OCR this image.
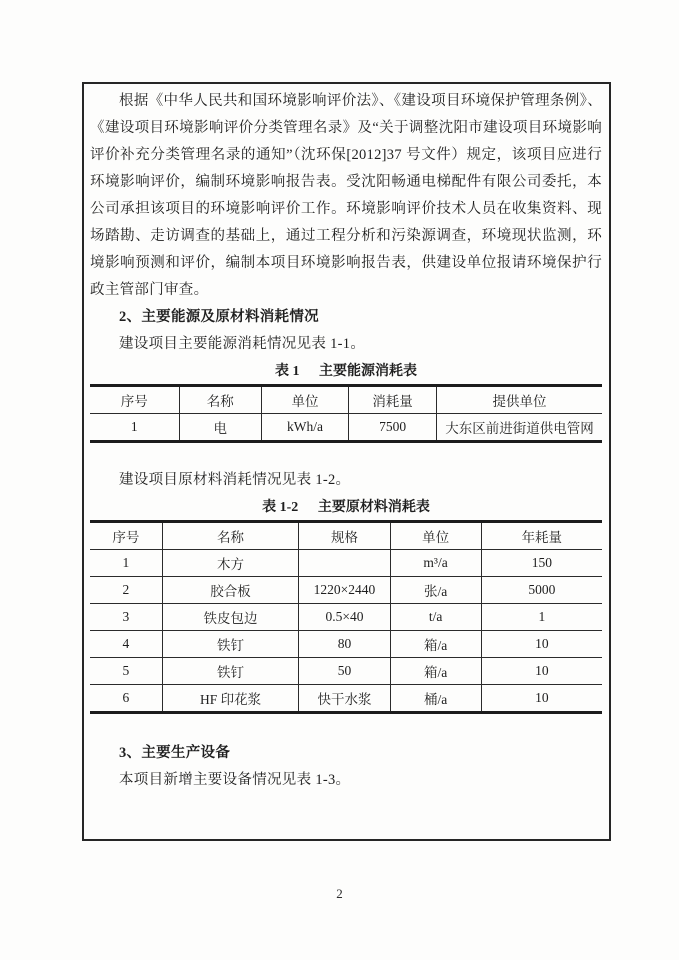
根据《中华人民共和国环境影响评价法》、《建设项目环境保护管理条例》、《建设项目环境影响评价分类管理名录》及“关于调整沈阳市建设项目环境影响评价补充分类管理名录的通知”（沈环保[2012]37 号文件）规定，该项目应进行环境影响评价，编制环境影响报告表。受沈阳畅通电梯配件有限公司委托，本公司承担该项目的环境影响评价工作。环境影响评价技术人员在收集资料、现场踏勘、走访调查的基础上，通过工程分析和污染源调查，环境现状监测，环境影响预测和评价，编制本项目环境影响报告表，供建设单位报请环境保护行政主管部门审查。

2、主要能源及原材料消耗情况

建设项目主要能源消耗情况见表 1-1。

表 1 主要能源消耗表
序号	名称	单位	消耗量	提供单位
1	电	kWh/a	7500	大东区前进街道供电管网

建设项目原材料消耗情况见表 1-2。

表 1-2 主要原材料消耗表
序号	名称	规格	单位	年耗量
1	木方		m³/a	150
2	胶合板	1220×2440	张/a	5000
3	铁皮包边	0.5×40	t/a	1
4	铁钉	80	箱/a	10
5	铁钉	50	箱/a	10
6	HF 印花浆	快干水浆	桶/a	10
3、主要生产设备

本项目新增主要设备情况见表 1-3。

2
